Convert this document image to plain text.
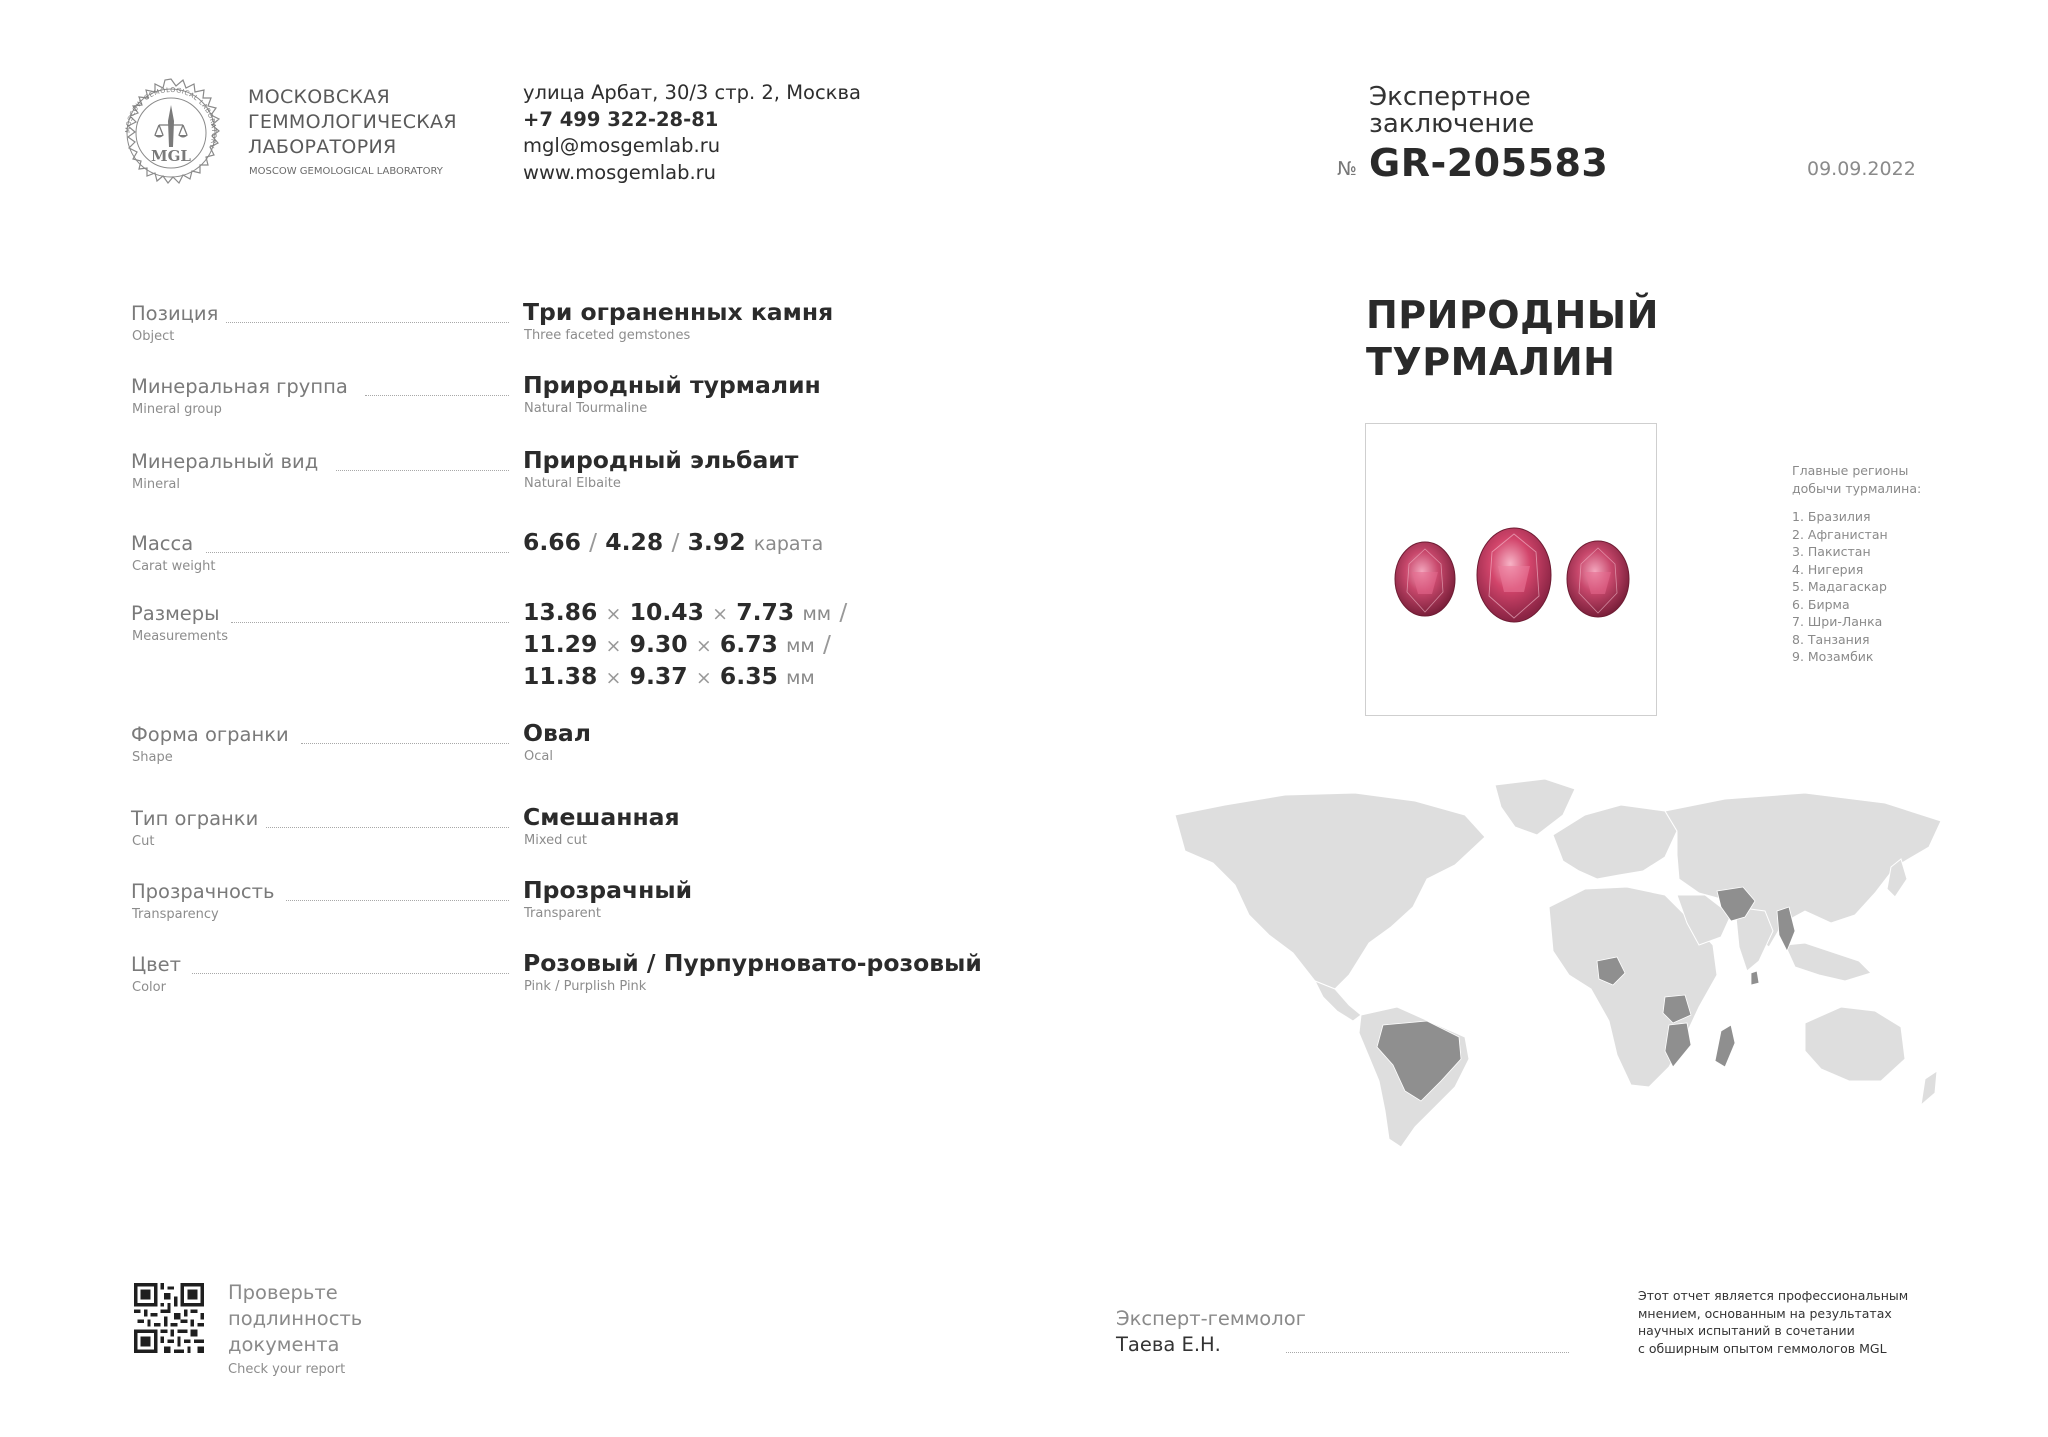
MOSCOW GEMOLOGICAL LABORATORY
MGL
МОСКОВСКАЯ
ГЕММОЛОГИЧЕСКАЯ
ЛАБОРАТОРИЯ
MOSCOW GEMOLOGICAL LABORATORY
улица Арбат, 30/3 стр. 2, Москва
+7 499 322-28-81
mgl@mosgemlab.ru
www.mosgemlab.ru
Экспертное
заключение
№ GR-205583	09.09.2022
Позиция
Object
Три ограненных камня
Three faceted gemstones
Минеральная группа
Mineral group
Природный турмалин
Natural Tourmaline
Минеральный вид
Mineral
Природный эльбаит
Natural Elbaite
Масса
Carat weight
6.66 / 4.28 / 3.92 карата
Размеры
Measurements
13.86 × 10.43 × 7.73 мм /
11.29 × 9.30 × 6.73 мм /
11.38 × 9.37 × 6.35 мм
Форма огранки
Shape
Овал
Ocal
Тип огранки
Cut
Смешанная
Mixed cut
Прозрачность
Transparency
Прозрачный
Transparent
Цвет
Color
Розовый / Пурпурновато-розовый
Pink / Purplish Pink
ПРИРОДНЫЙ
ТУРМАЛИН
Главные регионы
добычи турмалина:
1. Бразилия
2. Афганистан
3. Пакистан
4. Нигерия
5. Мадагаскар
6. Бирма
7. Шри-Ланка
8. Танзания
9. Мозамбик
Проверьте
подлинность
документа
Check your report
Эксперт-геммолог
Таева Е.Н.
Этот отчет является профессиональным
мнением, основанным на результатах
научных испытаний в сочетании
с обширным опытом геммологов MGL
